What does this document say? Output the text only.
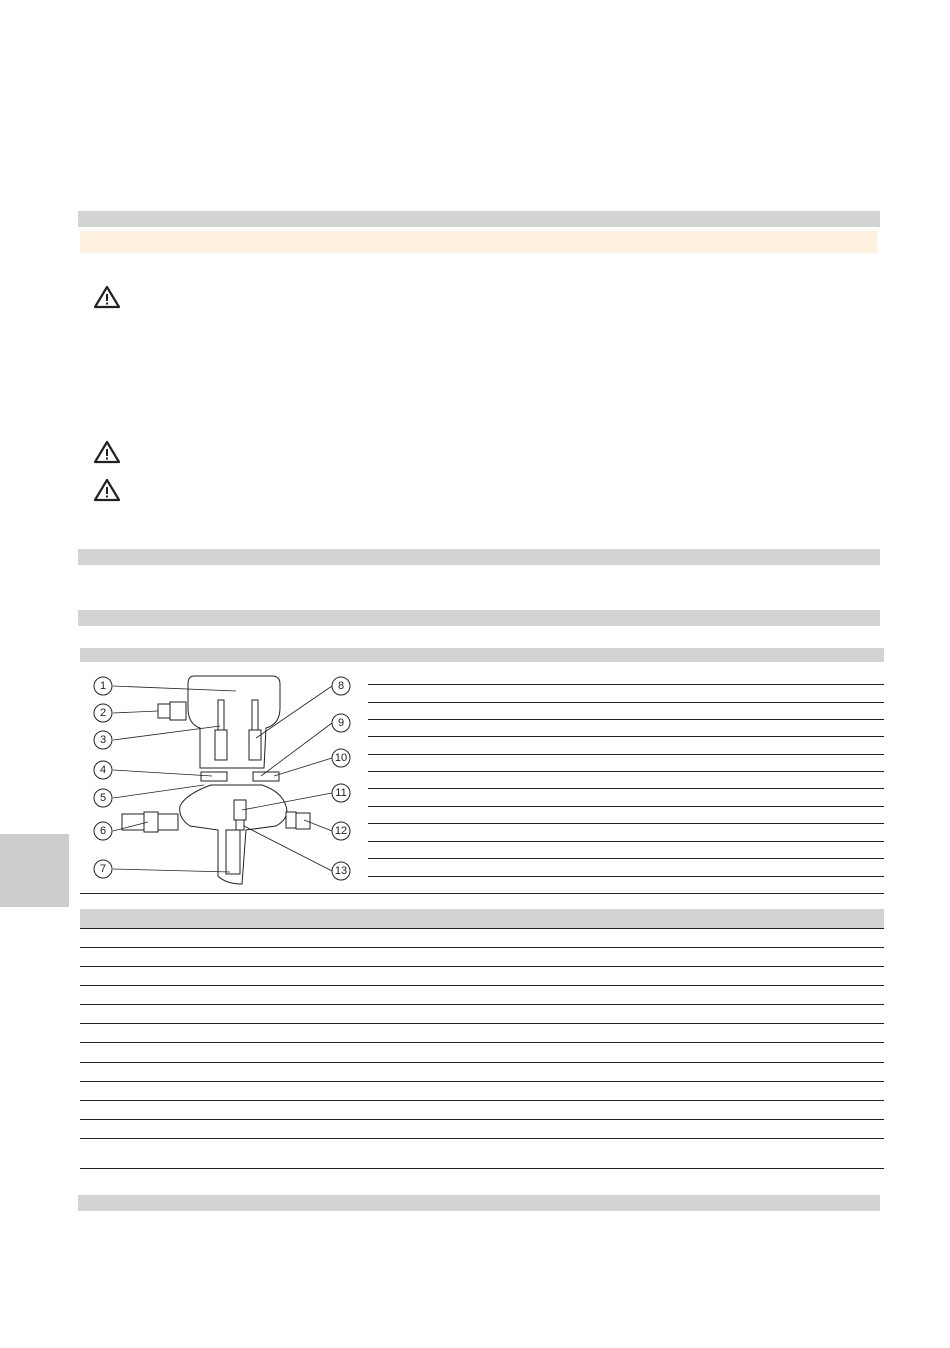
1
2
3
4
5
6
7
8
9
10
11
12
13
